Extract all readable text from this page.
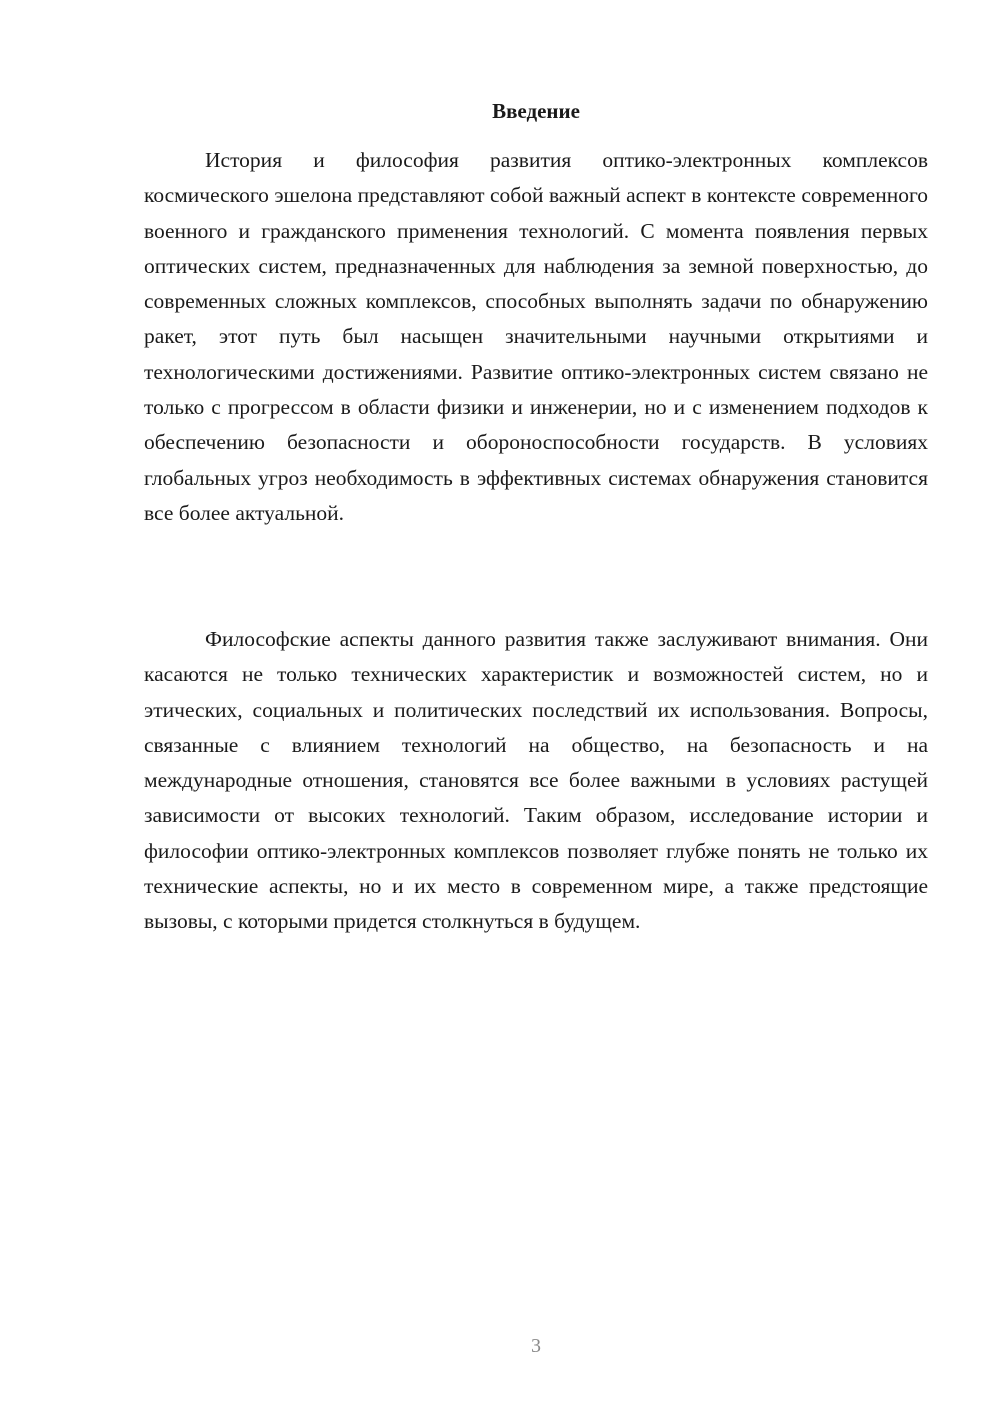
Введение

История и философия развития оптико-электронных комплексов космического эшелона представляют собой важный аспект в контексте современного военного и гражданского применения технологий. С момента появления первых оптических систем, предназначенных для наблюдения за земной поверхностью, до современных сложных комплексов, способных выполнять задачи по обнаружению ракет, этот путь был насыщен значительными научными открытиями и технологическими достижениями. Развитие оптико-электронных систем связано не только с прогрессом в области физики и инженерии, но и с изменением подходов к обеспечению безопасности и обороноспособности государств. В условиях глобальных угроз необходимость в эффективных системах обнаружения становится все более актуальной.

Философские аспекты данного развития также заслуживают внимания. Они касаются не только технических характеристик и возможностей систем, но и этических, социальных и политических последствий их использования. Вопросы, связанные с влиянием технологий на общество, на безопасность и на международные отношения, становятся все более важными в условиях растущей зависимости от высоких технологий. Таким образом, исследование истории и философии оптико-электронных комплексов позволяет глубже понять не только их технические аспекты, но и их место в современном мире, а также предстоящие вызовы, с которыми придется столкнуться в будущем.

3
